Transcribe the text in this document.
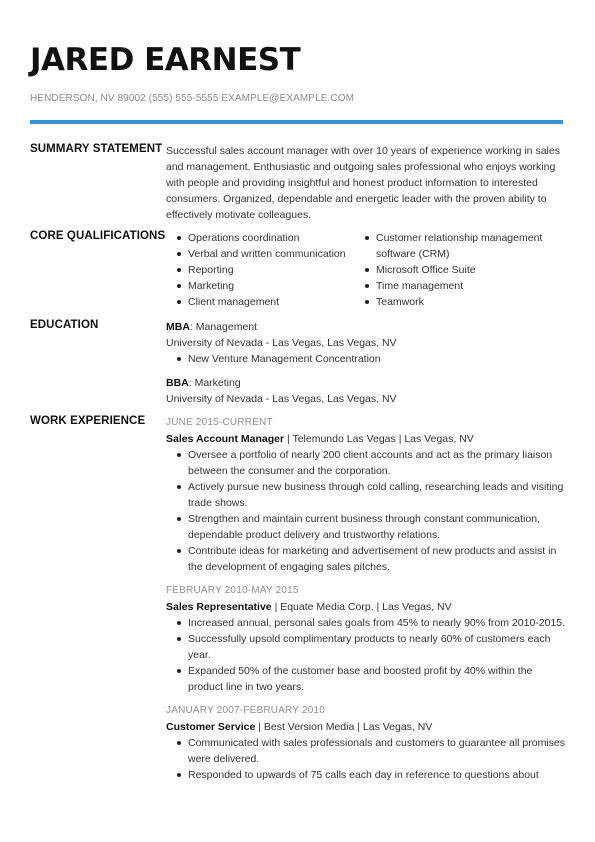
JARED EARNEST
HENDERSON, NV 89002 (555) 555-5555 EXAMPLE@EXAMPLE.COM
SUMMARY STATEMENT Successful sales account manager with over 10 years of experience working in sales and management. Enthusiastic and outgoing sales professional who enjoys working with people and providing insightful and honest product information to interested consumers. Organized, dependable and energetic leader with the proven ability to effectively motivate colleagues.

CORE QUALIFICATIONS	Operations coordination
Verbal and written communication
Reporting
Marketing
Client management
Customer relationship management software (CRM)
Microsoft Office Suite
Time management
Teamwork
EDUCATION	MBA: Management
University of Nevada - Las Vegas, Las Vegas, NV
New Venture Management Concentration
BBA: Marketing
University of Nevada - Las Vegas, Las Vegas, NV
WORK EXPERIENCE	JUNE 2015-CURRENT
Sales Account Manager | Telemundo Las Vegas | Las Vegas, NV
Oversee a portfolio of nearly 200 client accounts and act as the primary liaison between the consumer and the corporation.
Actively pursue new business through cold calling, researching leads and visiting trade shows.
Strengthen and maintain current business through constant communication, dependable product delivery and trustworthy relations.
Contribute ideas for marketing and advertisement of new products and assist in the development of engaging sales pitches.
FEBRUARY 2010-MAY 2015
Sales Representative | Equate Media Corp. | Las Vegas, NV
Increased annual, personal sales goals from 45% to nearly 90% from 2010-2015.
Successfully upsold complimentary products to nearly 60% of customers each year.
Expanded 50% of the customer base and boosted profit by 40% within the product line in two years.
JANUARY 2007-FEBRUARY 2010
Customer Service | Best Version Media | Las Vegas, NV
Communicated with sales professionals and customers to guarantee all promises were delivered.
Responded to upwards of 75 calls each day in reference to questions about
